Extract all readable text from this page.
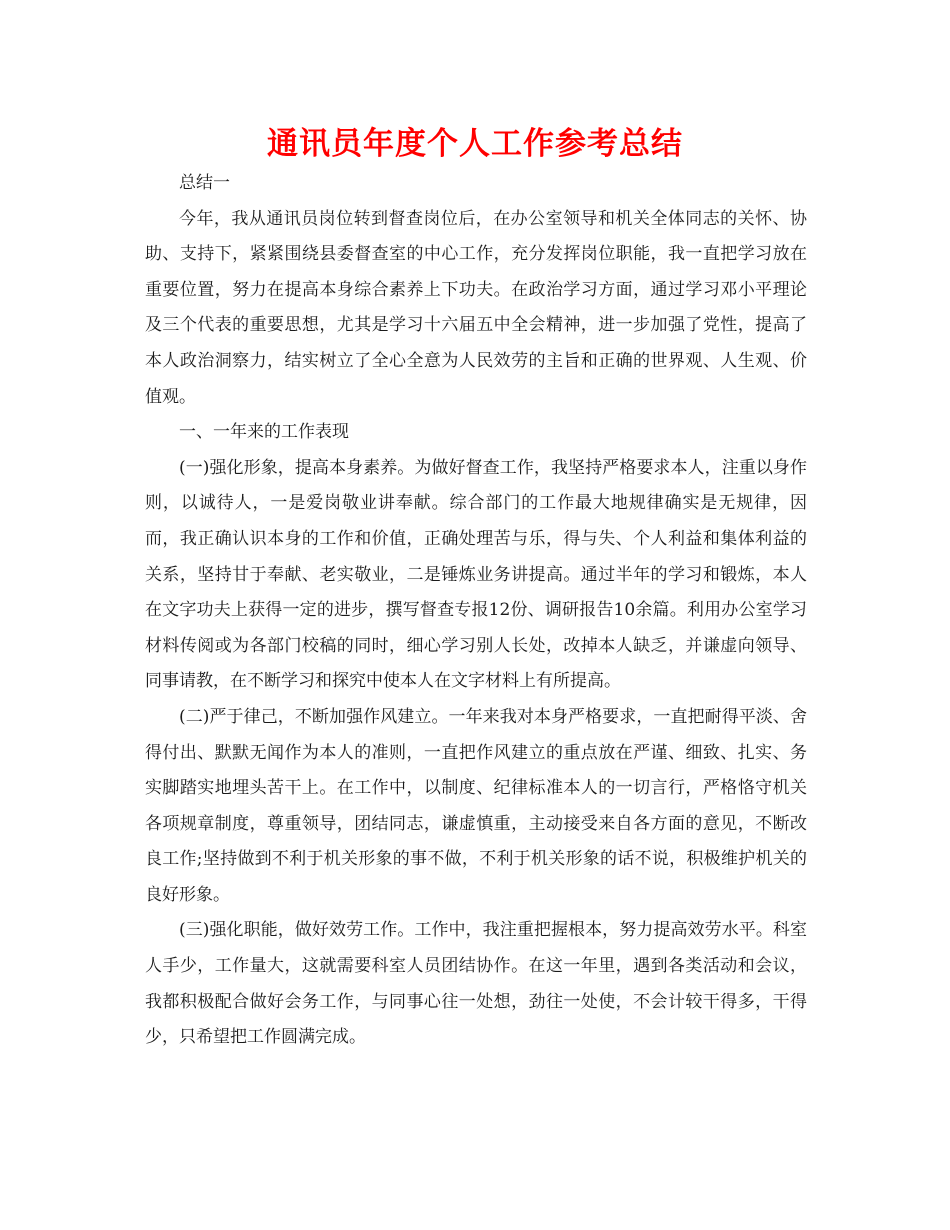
通讯员年度个人工作参考总结

总结一

今年，我从通讯员岗位转到督查岗位后，在办公室领导和机关全体同志的关怀、协助、支持下，紧紧围绕县委督查室的中心工作，充分发挥岗位职能，我一直把学习放在重要位置，努力在提高本身综合素养上下功夫。在政治学习方面，通过学习邓小平理论及三个代表的重要思想，尤其是学习十六届五中全会精神，进一步加强了党性，提高了本人政治洞察力，结实树立了全心全意为人民效劳的主旨和正确的世界观、人生观、价值观。

一、一年来的工作表现

(一)强化形象，提高本身素养。为做好督查工作，我坚持严格要求本人，注重以身作则，以诚待人，一是爱岗敬业讲奉献。综合部门的工作最大地规律确实是无规律，因而，我正确认识本身的工作和价值，正确处理苦与乐，得与失、个人利益和集体利益的关系，坚持甘于奉献、老实敬业，二是锤炼业务讲提高。通过半年的学习和锻炼，本人在文字功夫上获得一定的进步，撰写督查专报12份、调研报告10余篇。利用办公室学习材料传阅或为各部门校稿的同时，细心学习别人长处，改掉本人缺乏，并谦虚向领导、同事请教，在不断学习和探究中使本人在文字材料上有所提高。

(二)严于律己，不断加强作风建立。一年来我对本身严格要求，一直把耐得平淡、舍得付出、默默无闻作为本人的准则，一直把作风建立的重点放在严谨、细致、扎实、务实脚踏实地埋头苦干上。在工作中，以制度、纪律标准本人的一切言行，严格恪守机关各项规章制度，尊重领导，团结同志，谦虚慎重，主动接受来自各方面的意见，不断改良工作;坚持做到不利于机关形象的事不做，不利于机关形象的话不说，积极维护机关的良好形象。

(三)强化职能，做好效劳工作。工作中，我注重把握根本，努力提高效劳水平。科室人手少，工作量大，这就需要科室人员团结协作。在这一年里，遇到各类活动和会议，我都积极配合做好会务工作，与同事心往一处想，劲往一处使，不会计较干得多，干得少，只希望把工作圆满完成。
